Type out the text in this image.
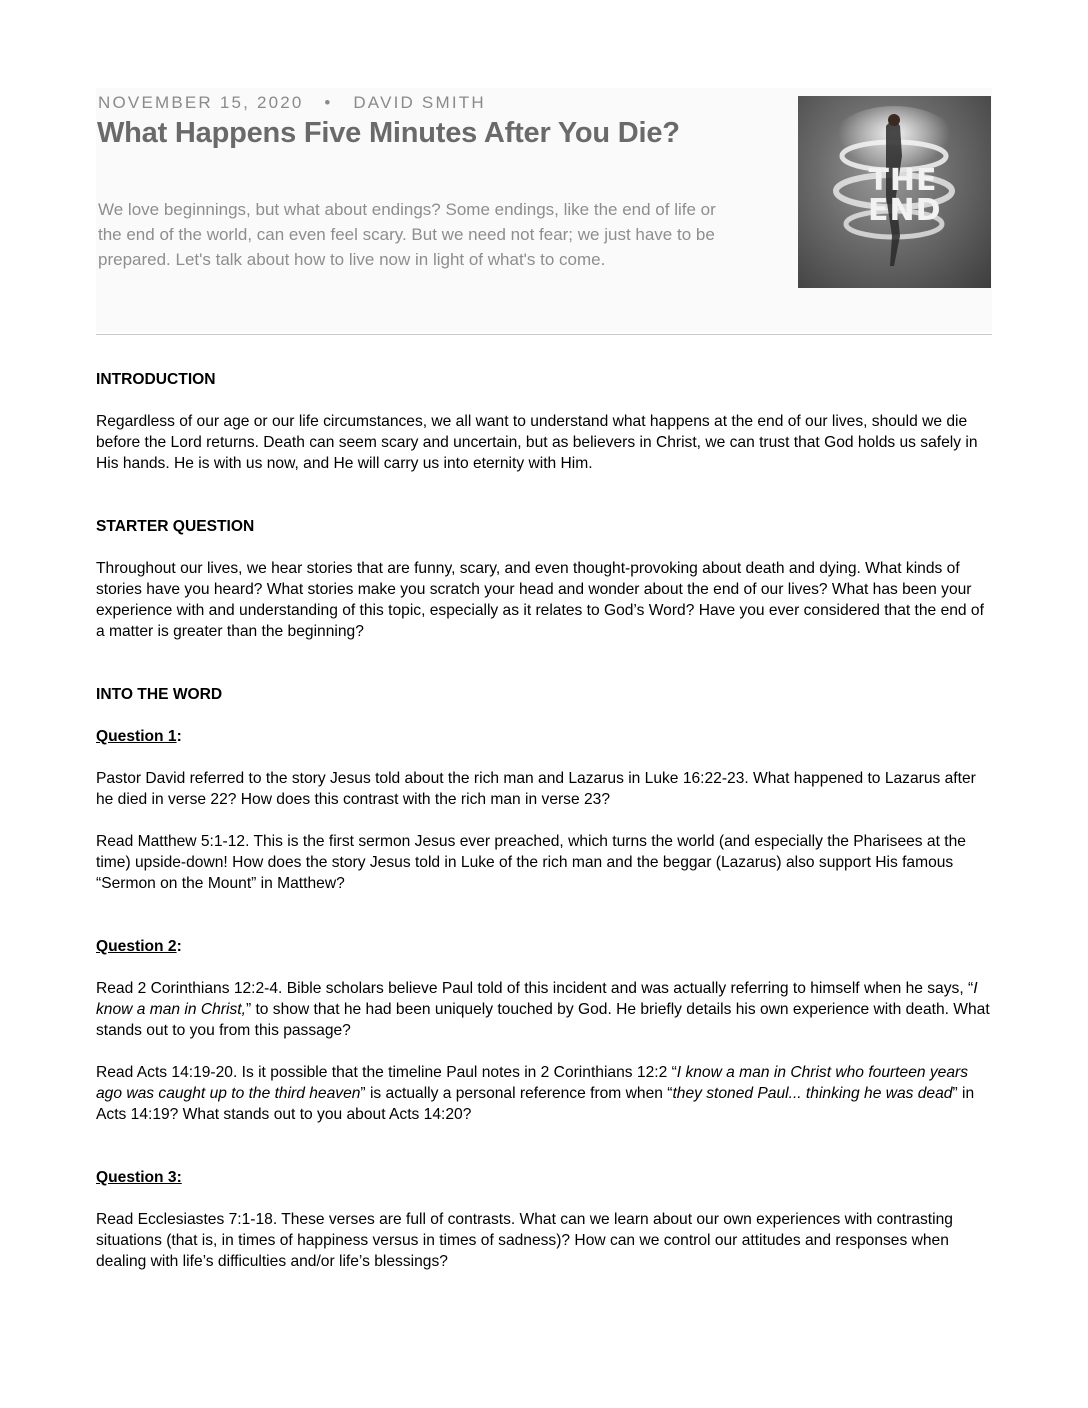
NOVEMBER 15, 2020 • DAVID SMITH
What Happens Five Minutes After You Die?

We love beginnings, but what about endings? Some endings, like the end of life or the end of the world, can even feel scary. But we need not fear; we just have to be prepared. Let's talk about how to live now in light of what's to come.

THE
END

INTRODUCTION

Regardless of our age or our life circumstances, we all want to understand what happens at the end of our lives, should we die before the Lord returns. Death can seem scary and uncertain, but as believers in Christ, we can trust that God holds us safely in His hands. He is with us now, and He will carry us into eternity with Him.

STARTER QUESTION

Throughout our lives, we hear stories that are funny, scary, and even thought-provoking about death and dying. What kinds of stories have you heard? What stories make you scratch your head and wonder about the end of our lives? What has been your experience with and understanding of this topic, especially as it relates to God’s Word? Have you ever considered that the end of a matter is greater than the beginning?

INTO THE WORD

Question 1:

Pastor David referred to the story Jesus told about the rich man and Lazarus in Luke 16:22-23. What happened to Lazarus after he died in verse 22? How does this contrast with the rich man in verse 23?

Read Matthew 5:1-12. This is the first sermon Jesus ever preached, which turns the world (and especially the Pharisees at the time) upside-down! How does the story Jesus told in Luke of the rich man and the beggar (Lazarus) also support His famous “Sermon on the Mount” in Matthew?

Question 2:

Read 2 Corinthians 12:2-4. Bible scholars believe Paul told of this incident and was actually referring to himself when he says, “I know a man in Christ,” to show that he had been uniquely touched by God. He briefly details his own experience with death. What stands out to you from this passage?

Read Acts 14:19-20. Is it possible that the timeline Paul notes in 2 Corinthians 12:2 “I know a man in Christ who fourteen years ago was caught up to the third heaven” is actually a personal reference from when “they stoned Paul... thinking he was dead” in Acts 14:19? What stands out to you about Acts 14:20?

Question 3:

Read Ecclesiastes 7:1-18. These verses are full of contrasts. What can we learn about our own experiences with contrasting situations (that is, in times of happiness versus in times of sadness)? How can we control our attitudes and responses when dealing with life’s difficulties and/or life’s blessings?
